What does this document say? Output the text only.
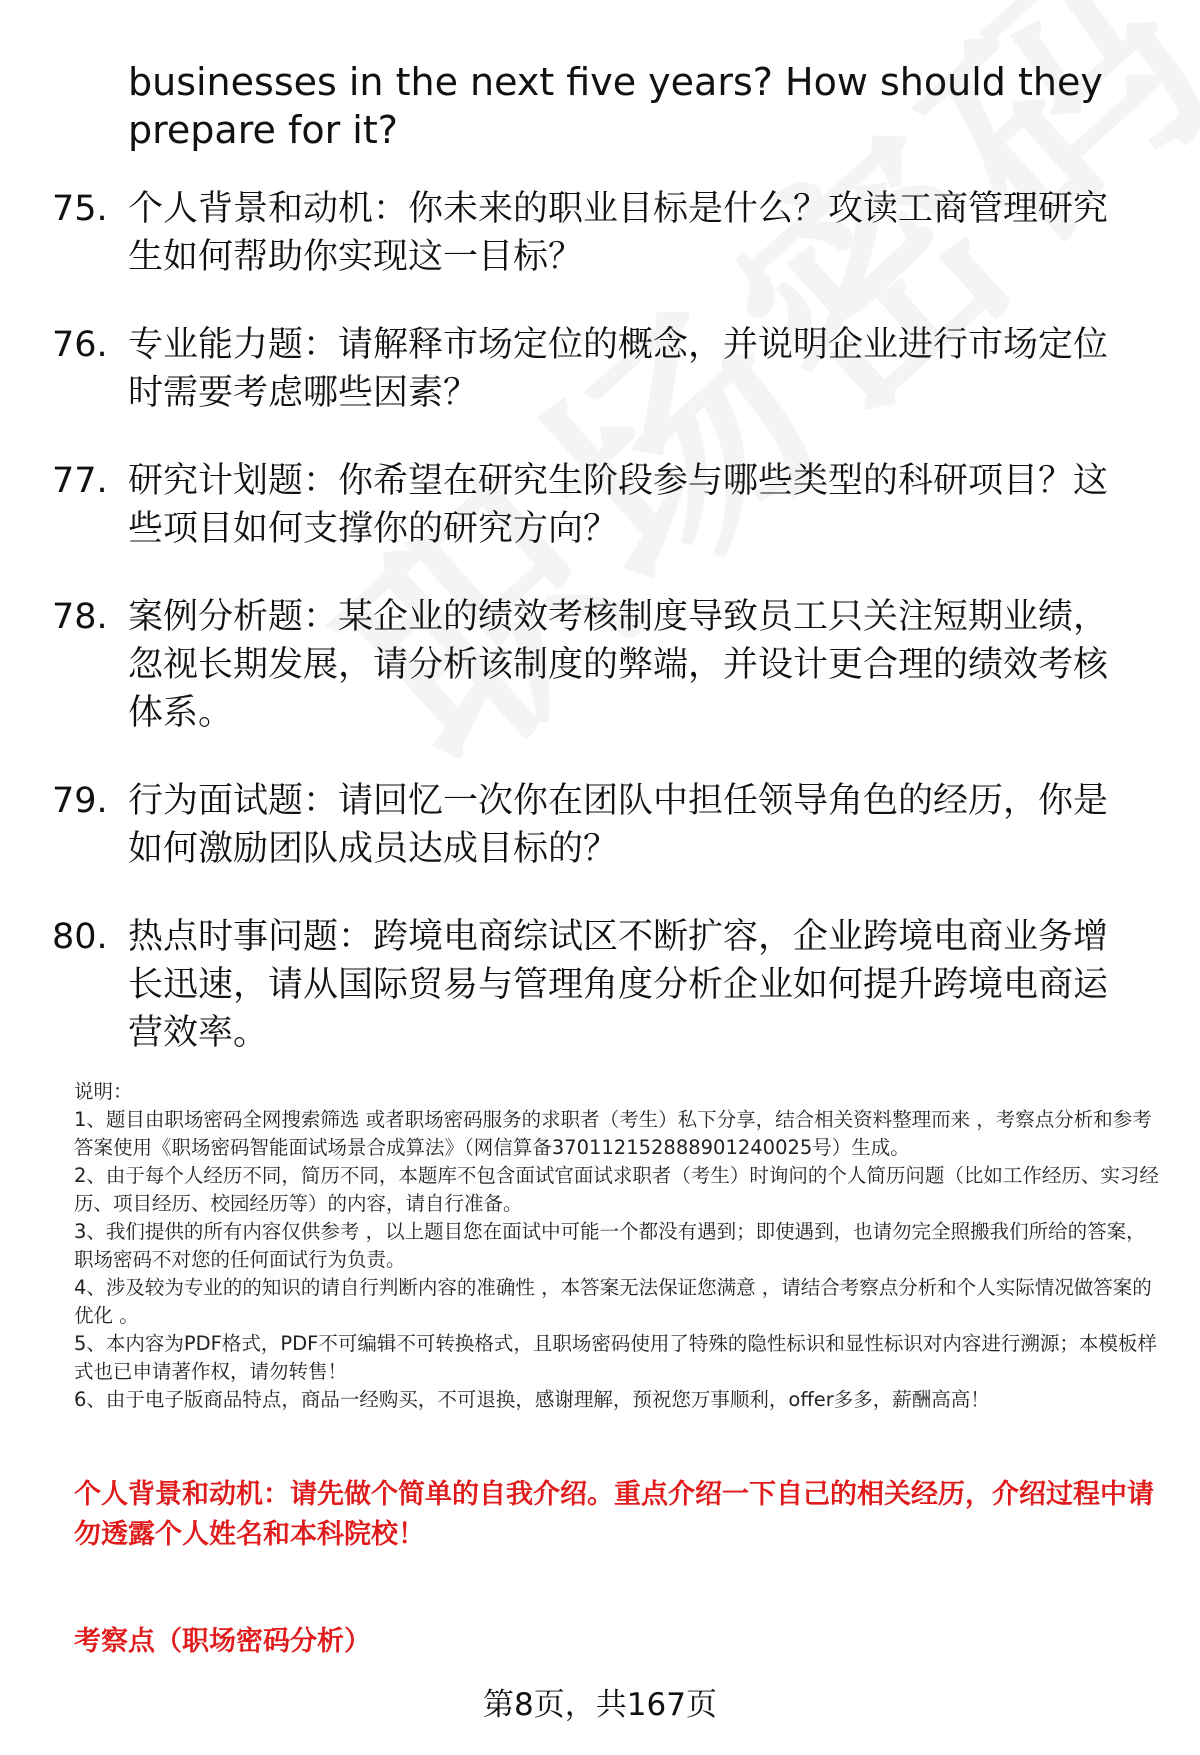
businesses in the next five years? How should they prepare for it?

75. 个人背景和动机：你未来的职业目标是什么？攻读工商管理研究生如何帮助你实现这一目标？

76. 专业能力题：请解释市场定位的概念，并说明企业进行市场定位时需要考虑哪些因素？

77. 研究计划题：你希望在研究生阶段参与哪些类型的科研项目？这些项目如何支撑你的研究方向？

78. 案例分析题：某企业的绩效考核制度导致员工只关注短期业绩，忽视长期发展，请分析该制度的弊端，并设计更合理的绩效考核体系。

79. 行为面试题：请回忆一次你在团队中担任领导角色的经历，你是如何激励团队成员达成目标的？

80. 热点时事问题：跨境电商综试区不断扩容，企业跨境电商业务增长迅速，请从国际贸易与管理角度分析企业如何提升跨境电商运营效率。

说明：

1、题目由职场密码全网搜索筛选 或者职场密码服务的求职者（考生）私下分享，结合相关资料整理而来 ，考察点分析和参考答案使用《职场密码智能面试场景合成算法》（网信算备370112152888901240025号）生成。

2、由于每个人经历不同，简历不同，本题库不包含面试官面试求职者（考生）时询问的个人简历问题（比如工作经历、实习经历、项目经历、校园经历等）的内容，请自行准备。

3、我们提供的所有内容仅供参考 ，以上题目您在面试中可能一个都没有遇到；即使遇到，也请勿完全照搬我们所给的答案，职场密码不对您的任何面试行为负责。

4、涉及较为专业的的知识的请自行判断内容的准确性 ，本答案无法保证您满意 ，请结合考察点分析和个人实际情况做答案的优化 。

5、本内容为PDF格式，PDF不可编辑不可转换格式，且职场密码使用了特殊的隐性标识和显性标识对内容进行溯源；本模板样式也已申请著作权，请勿转售！

6、由于电子版商品特点，商品一经购买，不可退换，感谢理解，预祝您万事顺利，offer多多，薪酬高高！

个人背景和动机：请先做个简单的自我介绍。重点介绍一下自己的相关经历，介绍过程中请勿透露个人姓名和本科院校！

考察点（职场密码分析）

第8页，共167页
